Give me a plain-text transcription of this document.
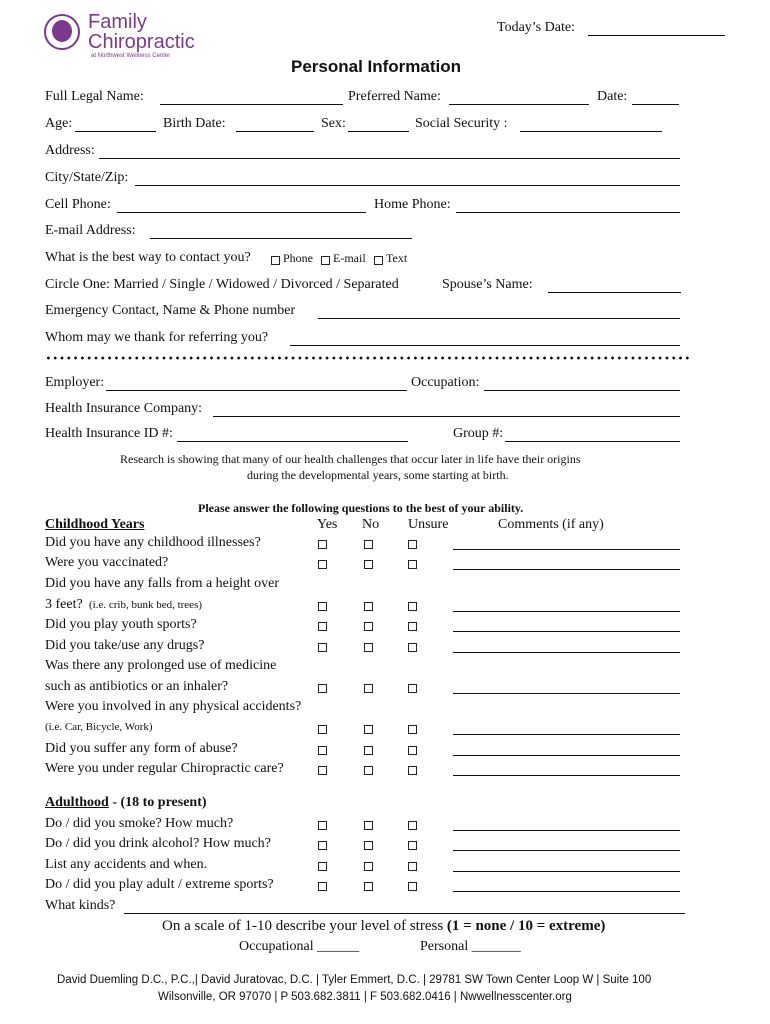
Family
Chiropractic
at Northwest Wellness Center
Today’s Date:
Personal Information
Full Legal Name:	Preferred Name:	Date:
Age:	Birth Date:	Sex:	Social Security :
Address:
City/State/Zip:
Cell Phone:	Home Phone:
E-mail Address:
What is the best way to contact you?	Phone E-mail Text
Circle One: Married / Single / Widowed / Divorced / Separated	Spouse’s Name:
Emergency Contact, Name & Phone number
Whom may we thank for referring you?
Employer:	Occupation:
Health Insurance Company:
Health Insurance ID #:	Group #:
Research is showing that many of our health challenges that occur later in life have their origins
during the developmental years, some starting at birth.
Please answer the following questions to the best of your ability.
Childhood Years	Yes No Unsure	Comments (if any)
Did you have any childhood illnesses?
Were you vaccinated?
Did you have any falls from a height over
3 feet? (i.e. crib, bunk bed, trees)
Did you play youth sports?
Did you take/use any drugs?
Was there any prolonged use of medicine
such as antibiotics or an inhaler?
Were you involved in any physical accidents?
(i.e. Car, Bicycle, Work)
Did you suffer any form of abuse?
Were you under regular Chiropractic care?
Adulthood - (18 to present)
Do / did you smoke? How much?
Do / did you drink alcohol? How much?
List any accidents and when.
Do / did you play adult / extreme sports?
What kinds?
On a scale of 1-10 describe your level of stress (1 = none / 10 = extreme)
Occupational ______	Personal _______
David Duemling D.C., P.C.,| David Juratovac, D.C. | Tyler Emmert, D.C. | 29781 SW Town Center Loop W | Suite 100
Wilsonville, OR 97070 | P 503.682.3811 | F 503.682.0416 | Nwwellnesscenter.org
